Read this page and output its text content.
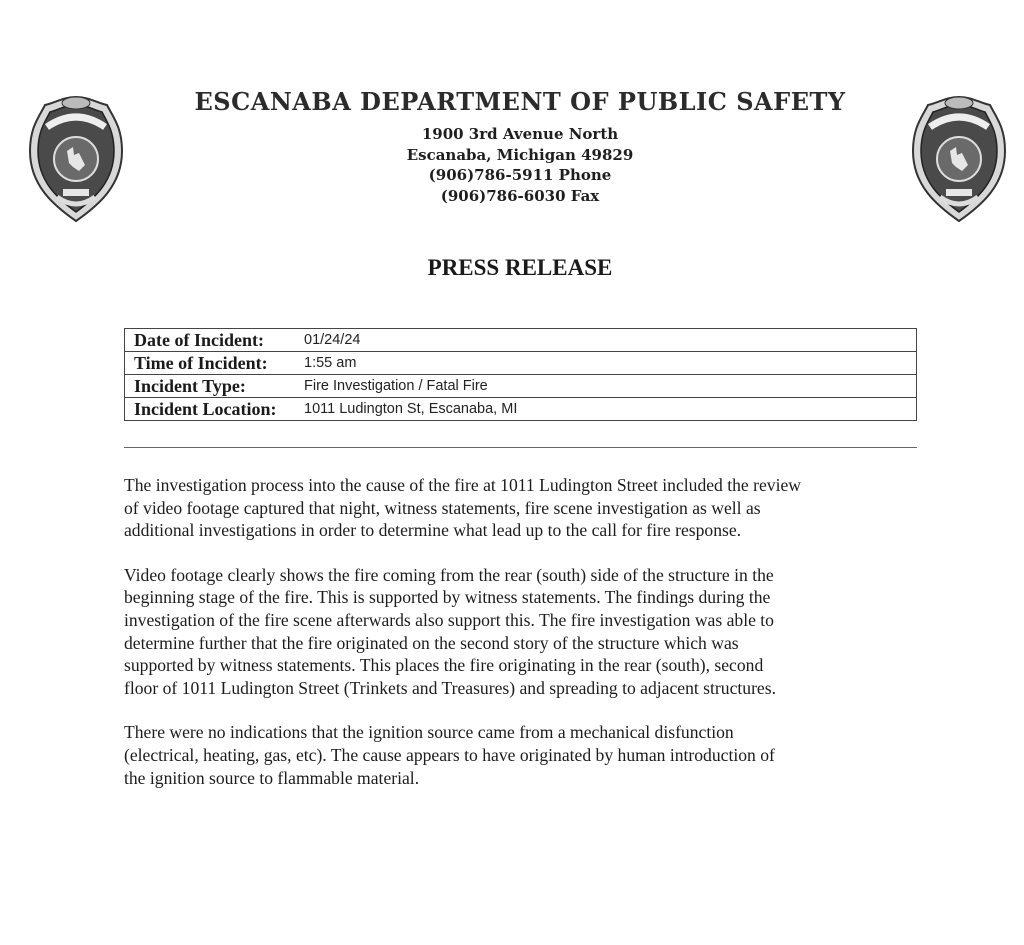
ESCANABA DEPARTMENT OF PUBLIC SAFETY
1900 3rd Avenue North
Escanaba, Michigan 49829
(906)786-5911 Phone
(906)786-6030 Fax
PRESS RELEASE
Date of Incident:	01/24/24
Time of Incident:	1:55 am
Incident Type:	Fire Investigation / Fatal Fire
Incident Location:	1011 Ludington St, Escanaba, MI

The investigation process into the cause of the fire at 1011 Ludington Street included the review
of video footage captured that night, witness statements, fire scene investigation as well as
additional investigations in order to determine what lead up to the call for fire response.

Video footage clearly shows the fire coming from the rear (south) side of the structure in the
beginning stage of the fire. This is supported by witness statements. The findings during the
investigation of the fire scene afterwards also support this. The fire investigation was able to
determine further that the fire originated on the second story of the structure which was
supported by witness statements. This places the fire originating in the rear (south), second
floor of 1011 Ludington Street (Trinkets and Treasures) and spreading to adjacent structures.

There were no indications that the ignition source came from a mechanical disfunction
(electrical, heating, gas, etc). The cause appears to have originated by human introduction of
the ignition source to flammable material.
